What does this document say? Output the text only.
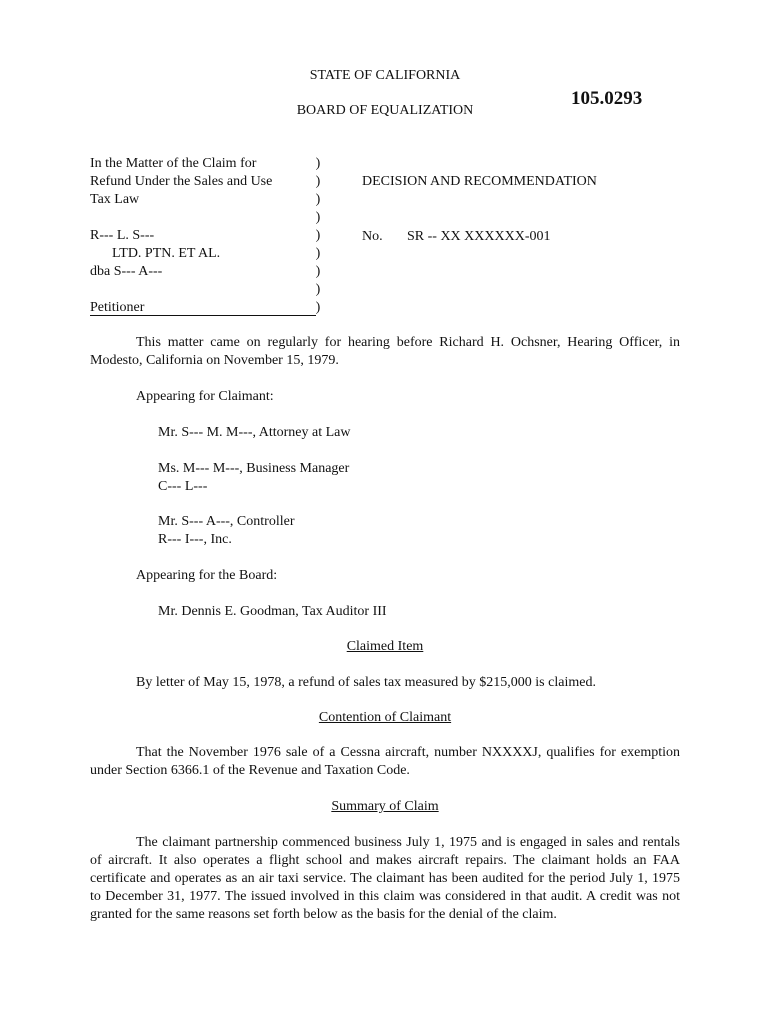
STATE OF CALIFORNIA
BOARD OF EQUALIZATION
105.0293
In the Matter of the Claim for
Refund Under the Sales and Use
Tax Law
R--- L. S---
LTD. PTN. ET AL.
dba S--- A---
Petitioner
)
)
)
)
)
)
)
)
)
DECISION AND RECOMMENDATION
No. SR -- XX XXXXXX-001
This matter came on regularly for hearing before Richard H. Ochsner, Hearing Officer, in Modesto, California on November 15, 1979.
Appearing for Claimant:
Mr. S--- M. M---, Attorney at Law
Ms. M--- M---, Business Manager
C--- L---
Mr. S--- A---, Controller
R--- I---, Inc.
Appearing for the Board:
Mr. Dennis E. Goodman, Tax Auditor III
Claimed Item
By letter of May 15, 1978, a refund of sales tax measured by $215,000 is claimed.
Contention of Claimant
That the November 1976 sale of a Cessna aircraft, number NXXXXJ, qualifies for exemption under Section 6366.1 of the Revenue and Taxation Code.
Summary of Claim
The claimant partnership commenced business July 1, 1975 and is engaged in sales and rentals of aircraft. It also operates a flight school and makes aircraft repairs. The claimant holds an FAA certificate and operates as an air taxi service. The claimant has been audited for the period July 1, 1975 to December 31, 1977. The issued involved in this claim was considered in that audit. A credit was not granted for the same reasons set forth below as the basis for the denial of the claim.
